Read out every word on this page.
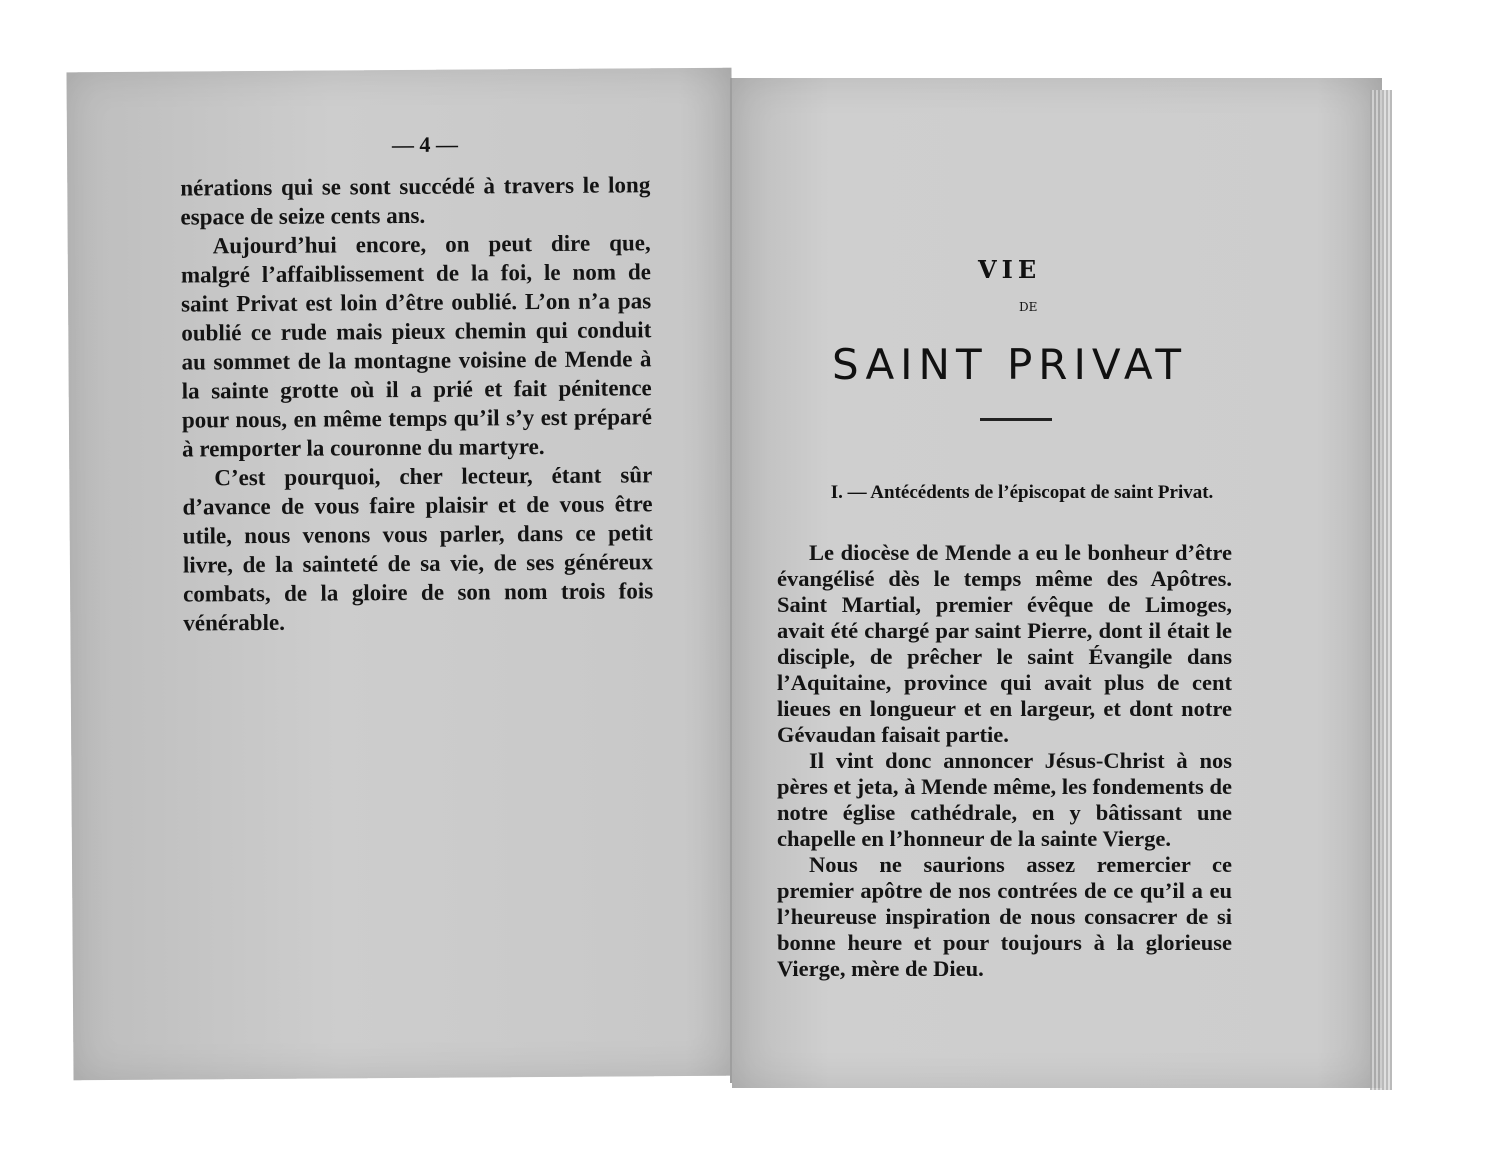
— 4 —

nérations qui se sont succédé à travers le long espace de seize cents ans.

Aujourd’hui encore, on peut dire que, malgré l’affaiblissement de la foi, le nom de saint Privat est loin d’être oublié. L’on n’a pas oublié ce rude mais pieux chemin qui conduit au sommet de la montagne voisine de Mende à la sainte grotte où il a prié et fait pénitence pour nous, en même temps qu’il s’y est préparé à remporter la couronne du martyre.

C’est pourquoi, cher lecteur, étant sûr d’avance de vous faire plaisir et de vous être utile, nous venons vous parler, dans ce petit livre, de la sainteté de sa vie, de ses généreux combats, de la gloire de son nom trois fois vénérable.

VIE
DE
SAINT PRIVAT
I. — Antécédents de l’épiscopat de saint Privat.

Le diocèse de Mende a eu le bonheur d’être évangélisé dès le temps même des Apôtres. Saint Martial, premier évêque de Limoges, avait été chargé par saint Pierre, dont il était le disciple, de prêcher le saint Évangile dans l’Aquitaine, province qui avait plus de cent lieues en longueur et en largeur, et dont notre Gévaudan faisait partie.

Il vint donc annoncer Jésus-Christ à nos pères et jeta, à Mende même, les fondements de notre église cathédrale, en y bâtissant une chapelle en l’honneur de la sainte Vierge.

Nous ne saurions assez remercier ce premier apôtre de nos contrées de ce qu’il a eu l’heureuse inspiration de nous consacrer de si bonne heure et pour toujours à la glorieuse Vierge, mère de Dieu.
